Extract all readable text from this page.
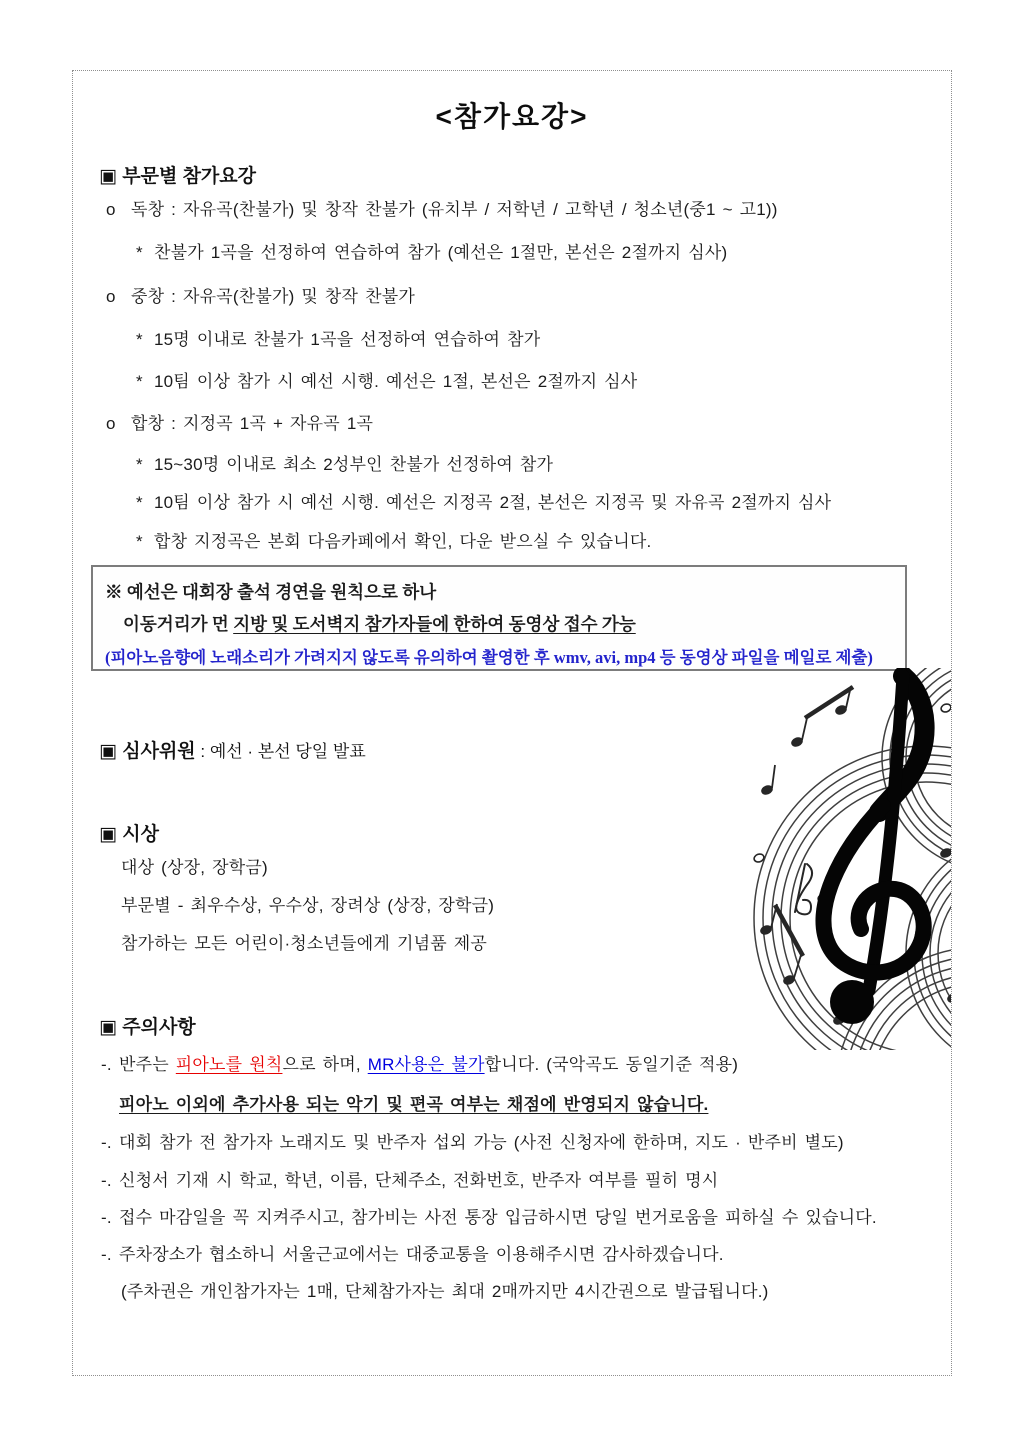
<참가요강>
▣ 부문별 참가요강
o 독창 : 자유곡(찬불가) 및 창작 찬불가 (유치부 / 저학년 / 고학년 / 청소년(중1 ~ 고1))
* 찬불가 1곡을 선정하여 연습하여 참가 (예선은 1절만, 본선은 2절까지 심사)
o 중창 : 자유곡(찬불가) 및 창작 찬불가
* 15명 이내로 찬불가 1곡을 선정하여 연습하여 참가
* 10팀 이상 참가 시 예선 시행. 예선은 1절, 본선은 2절까지 심사
o 합창 : 지정곡 1곡 + 자유곡 1곡
* 15~30명 이내로 최소 2성부인 찬불가 선정하여 참가
* 10팀 이상 참가 시 예선 시행. 예선은 지정곡 2절, 본선은 지정곡 및 자유곡 2절까지 심사
* 합창 지정곡은 본회 다음카페에서 확인, 다운 받으실 수 있습니다.
※ 예선은 대회장 출석 경연을 원칙으로 하나
이동거리가 먼 지방 및 도서벽지 참가자들에 한하여 동영상 접수 가능
(피아노음향에 노래소리가 가려지지 않도록 유의하여 촬영한 후 wmv, avi, mp4 등 동영상 파일을 메일로 제출)
▣ 심사위원 : 예선 · 본선 당일 발표
▣ 시상
대상 (상장, 장학금)
부문별 - 최우수상, 우수상, 장려상 (상장, 장학금)
참가하는 모든 어린이·청소년들에게 기념품 제공
▣ 주의사항
-. 반주는 피아노를 원칙으로 하며, MR사용은 불가합니다. (국악곡도 동일기준 적용)
피아노 이외에 추가사용 되는 악기 및 편곡 여부는 채점에 반영되지 않습니다.
-. 대회 참가 전 참가자 노래지도 및 반주자 섭외 가능 (사전 신청자에 한하며, 지도 · 반주비 별도)
-. 신청서 기재 시 학교, 학년, 이름, 단체주소, 전화번호, 반주자 여부를 필히 명시
-. 접수 마감일을 꼭 지켜주시고, 참가비는 사전 통장 입금하시면 당일 번거로움을 피하실 수 있습니다.
-. 주차장소가 협소하니 서울근교에서는 대중교통을 이용해주시면 감사하겠습니다.
(주차권은 개인참가자는 1매, 단체참가자는 최대 2매까지만 4시간권으로 발급됩니다.)
